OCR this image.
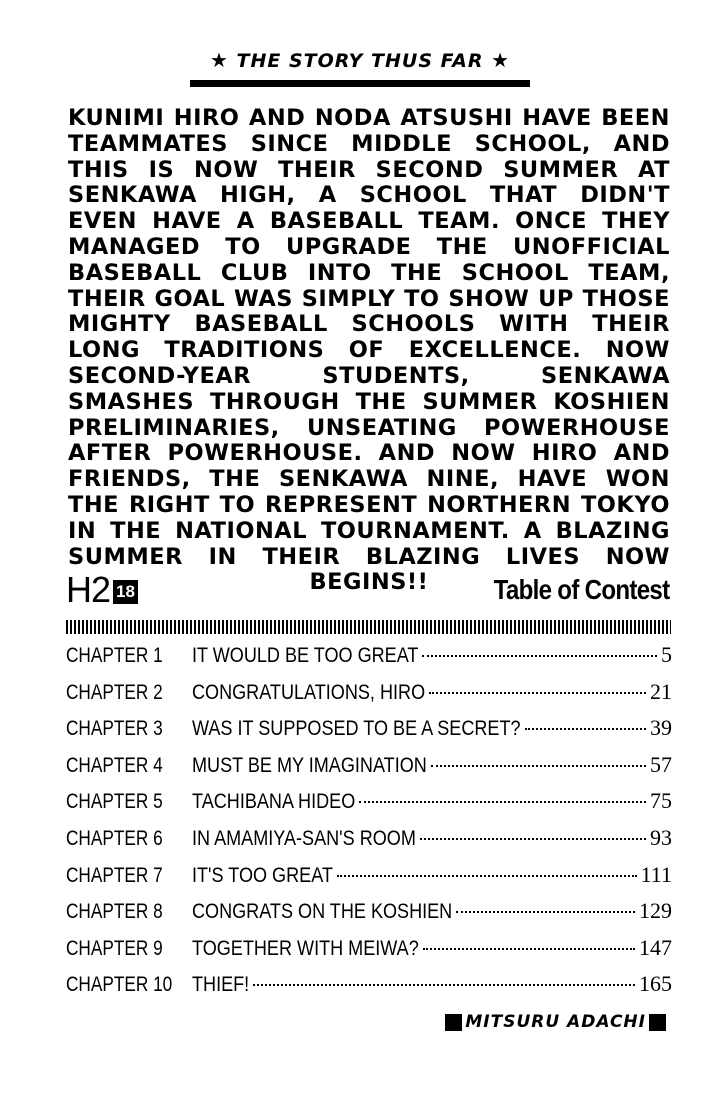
★ THE STORY THUS FAR ★
KUNIMI HIRO AND NODA ATSUSHI HAVE BEEN TEAMMATES SINCE MIDDLE SCHOOL, AND THIS IS NOW THEIR SECOND SUMMER AT SENKAWA HIGH, A SCHOOL THAT DIDN'T EVEN HAVE A BASEBALL TEAM. ONCE THEY MANAGED TO UPGRADE THE UNOFFICIAL BASEBALL CLUB INTO THE SCHOOL TEAM, THEIR GOAL WAS SIMPLY TO SHOW UP THOSE MIGHTY BASEBALL SCHOOLS WITH THEIR LONG TRADITIONS OF EXCELLENCE. NOW SECOND-YEAR STUDENTS, SENKAWA SMASHES THROUGH THE SUMMER KOSHIEN PRELIMINARIES, UNSEATING POWERHOUSE AFTER POWERHOUSE. AND NOW HIRO AND FRIENDS, THE SENKAWA NINE, HAVE WON THE RIGHT TO REPRESENT NORTHERN TOKYO IN THE NATIONAL TOURNAMENT. A BLAZING SUMMER IN THEIR BLAZING LIVES NOW BEGINS!!
H2 18	Table of Contest
CHAPTER 1	IT WOULD BE TOO GREAT	5
CHAPTER 2	CONGRATULATIONS, HIRO	21
CHAPTER 3	WAS IT SUPPOSED TO BE A SECRET?	39
CHAPTER 4	MUST BE MY IMAGINATION	57
CHAPTER 5	TACHIBANA HIDEO	75
CHAPTER 6	IN AMAMIYA-SAN'S ROOM	93
CHAPTER 7	IT'S TOO GREAT	111
CHAPTER 8	CONGRATS ON THE KOSHIEN	129
CHAPTER 9	TOGETHER WITH MEIWA?	147
CHAPTER 10 THIEF!	165
MITSURU ADACHI
